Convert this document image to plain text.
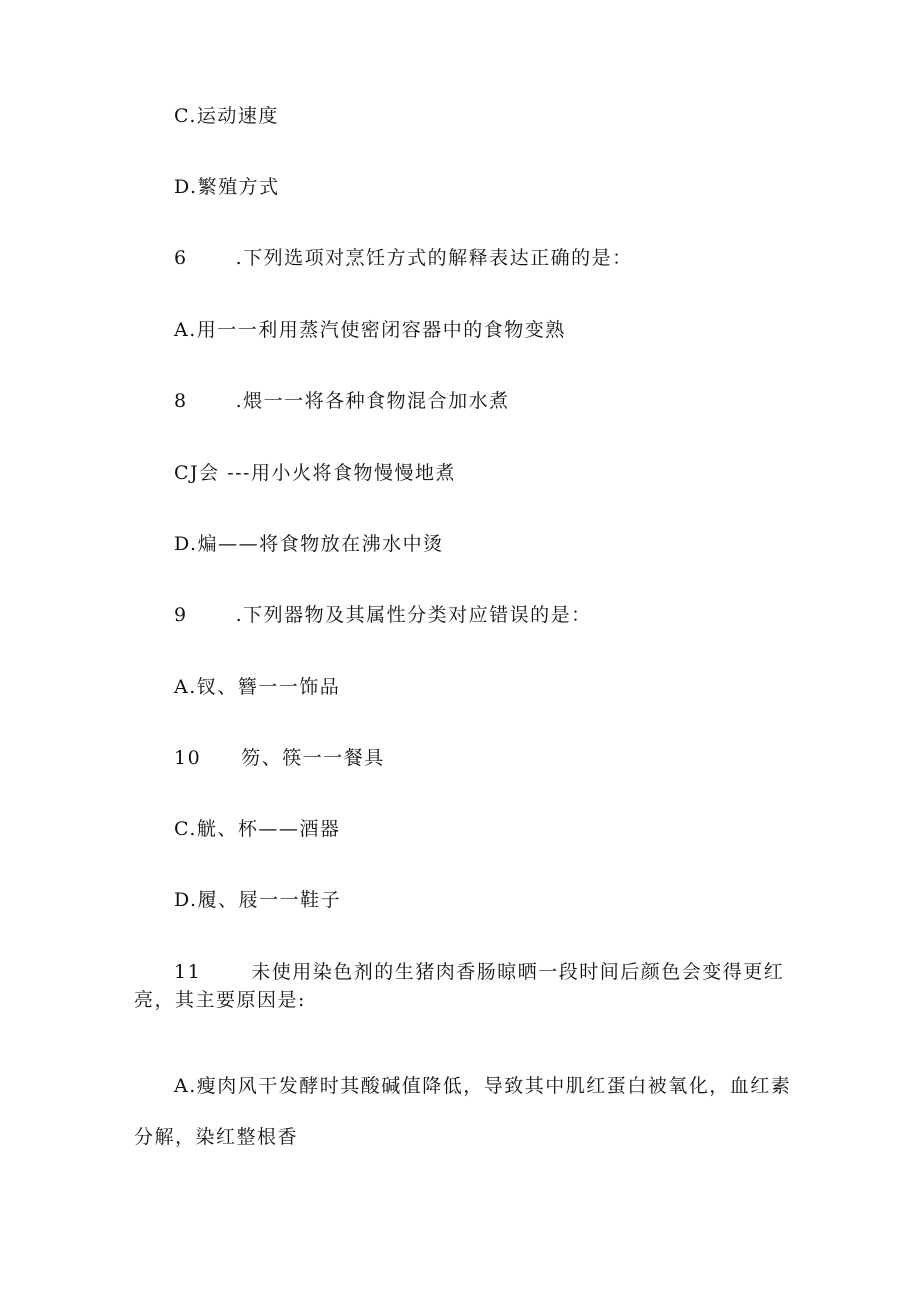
C.运动速度
D.繁殖方式
6	.下列选项对烹饪方式的解释表达正确的是：
A.用一一利用蒸汽使密闭容器中的食物变熟
8	.煨一一将各种食物混合加水煮
CJ会 ---用小火将食物慢慢地煮
D.煸——将食物放在沸水中烫
9	.下列器物及其属性分类对应错误的是：
A.钗、簪一一饰品
10 笏、筷一一餐具
C.觥、杯——酒器
D.履、屐一一鞋子
11	未使用染色剂的生猪肉香肠晾晒一段时间后颜色会变得更红
亮，其主要原因是:
A.瘦肉风干发酵时其酸碱值降低，导致其中肌红蛋白被氧化，血红素
分解，染红整根香
